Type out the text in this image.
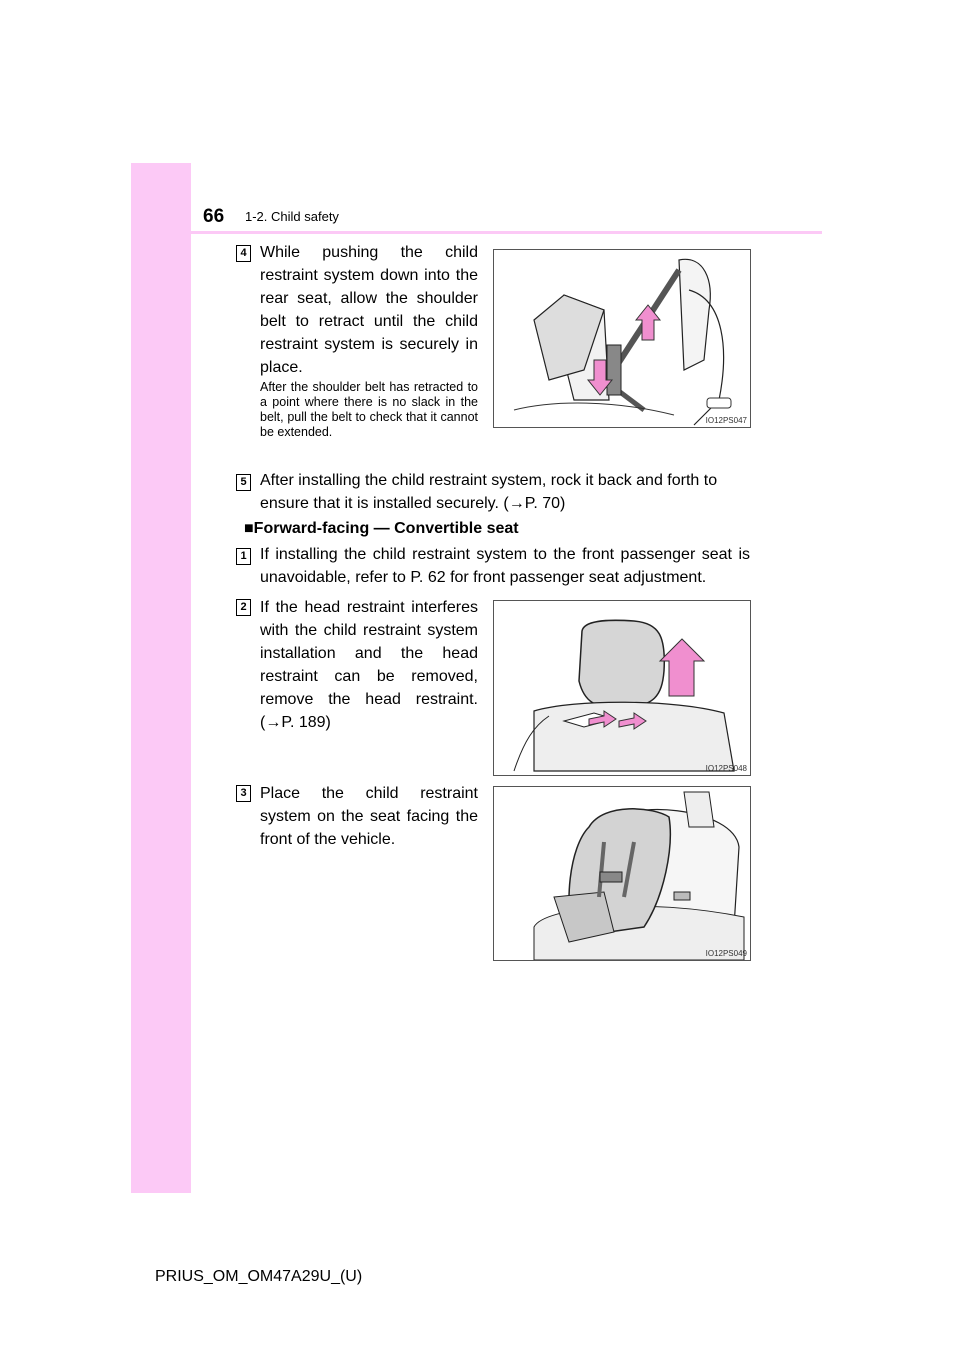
66 1-2. Child safety
4 While pushing the child restraint system down into the rear seat, allow the shoulder belt to retract until the child restraint system is securely in place.
After the shoulder belt has retracted to a point where there is no slack in the belt, pull the belt to check that it cannot be extended.
IO12PS047
5 After installing the child restraint system, rock it back and forth to ensure that it is installed securely. (→P. 70)
■Forward-facing — Convertible seat
1 If installing the child restraint system to the front passenger seat is unavoidable, refer to P. 62 for front passenger seat adjustment.
2 If the head restraint interferes with the child restraint system installation and the head restraint can be removed, remove the head restraint. (→P. 189)
IO12PS048
3 Place the child restraint system on the seat facing the front of the vehicle.
IO12PS049
PRIUS_OM_OM47A29U_(U)
